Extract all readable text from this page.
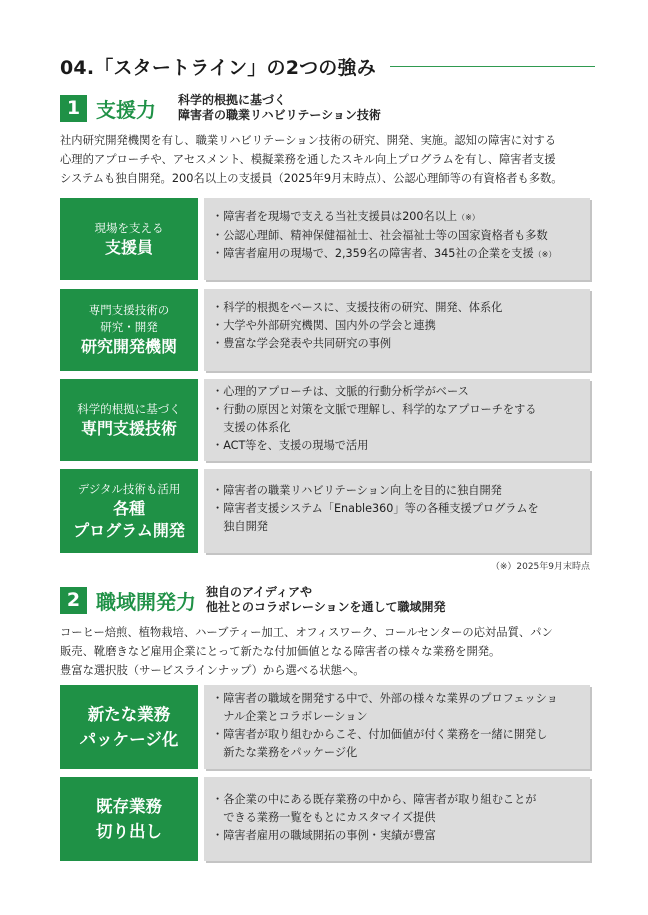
04.「スタートライン」の2つの強み
1 支援力 科学的根拠に基づく
障害者の職業リハビリテーション技術
社内研究開発機関を有し、職業リハビリテーション技術の研究、開発、実施。認知の障害に対する
心理的アプローチや、アセスメント、模擬業務を通したスキル向上プログラムを有し、障害者支援
システムも独自開発。200名以上の支援員（2025年9月末時点）、公認心理師等の有資格者も多数。
現場を支える
支援員
・障害者を現場で支える当社支援員は200名以上（※）
・公認心理師、精神保健福祉士、社会福祉士等の国家資格者も多数
・障害者雇用の現場で、2,359名の障害者、345社の企業を支援（※）
専門支援技術の
研究・開発
研究開発機関
・科学的根拠をベースに、支援技術の研究、開発、体系化
・大学や外部研究機関、国内外の学会と連携
・豊富な学会発表や共同研究の事例
科学的根拠に基づく
専門支援技術
・心理的アプローチは、文脈的行動分析学がベース
・行動の原因と対策を文脈で理解し、科学的なアプローチをする
　支援の体系化
・ACT等を、支援の現場で活用
デジタル技術も活用
各種
プログラム開発
・障害者の職業リハビリテーション向上を目的に独自開発
・障害者支援システム「Enable360」等の各種支援プログラムを
　独自開発
（※）2025年9月末時点
2 職域開発力 独自のアイディアや
他社とのコラボレーションを通して職域開発
コーヒー焙煎、植物栽培、ハーブティー加工、オフィスワーク、コールセンターの応対品質、パン
販売、靴磨きなど雇用企業にとって新たな付加価値となる障害者の様々な業務を開発。
豊富な選択肢（サービスラインナップ）から選べる状態へ。
新たな業務
パッケージ化
・障害者の職域を開発する中で、外部の様々な業界のプロフェッショ
　ナル企業とコラボレーション
・障害者が取り組むからこそ、付加価値が付く業務を一緒に開発し
　新たな業務をパッケージ化
既存業務
切り出し
・各企業の中にある既存業務の中から、障害者が取り組むことが
　できる業務一覧をもとにカスタマイズ提供
・障害者雇用の職域開拓の事例・実績が豊富
